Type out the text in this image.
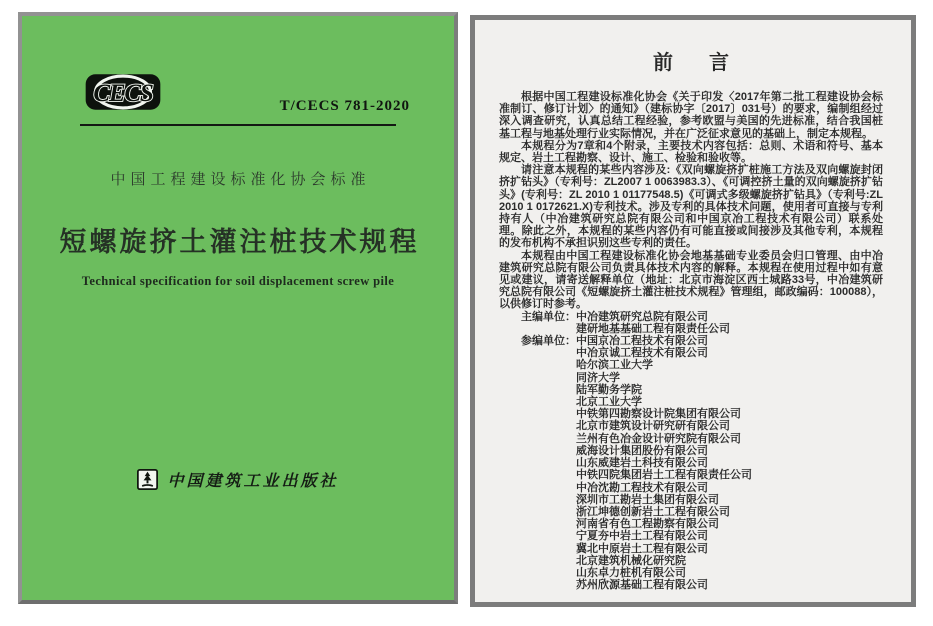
CECS	T/CECS 781-2020
中国工程建设标准化协会标准
短螺旋挤土灌注桩技术规程
Technical specification for soil displacement screw pile
中国建筑工业出版社
前　言

根据中国工程建设标准化协会《关于印发〈2017年第二批工程建设协会标准制订、修订计划〉的通知》（建标协字〔2017〕031号）的要求，编制组经过深入调查研究，认真总结工程经验，参考欧盟与美国的先进标准，结合我国桩基工程与地基处理行业实际情况，并在广泛征求意见的基础上，制定本规程。

本规程分为7章和4个附录，主要技术内容包括：总则、术语和符号、基本规定、岩土工程勘察、设计、施工、检验和验收等。

请注意本规程的某些内容涉及:《双向螺旋挤扩桩施工方法及双向螺旋封闭挤扩钻头》（专利号：ZL2007 1 0063983.3）、《可调控挤土量的双向螺旋挤扩钻头》(专利号：ZL 2010 1 01177548.5)《可调式多级螺旋挤扩钻具》（专利号:ZL 2010 1 0172621.X)专利技术。涉及专利的具体技术问题，使用者可直接与专利持有人（中冶建筑研究总院有限公司和中国京冶工程技术有限公司）联系处理。除此之外，本规程的某些内容仍有可能直接或间接涉及其他专利，本规程的发布机构不承担识别这些专利的责任。

本规程由中国工程建设标准化协会地基基础专业委员会归口管理、由中冶建筑研究总院有限公司负责具体技术内容的解释。本规程在使用过程中如有意见或建议，请寄送解释单位（地址：北京市海淀区西土城路33号，中冶建筑研究总院有限公司《短螺旋挤土灌注桩技术规程》管理组，邮政编码：100088），以供修订时参考。

主编单位： 中冶建筑研究总院有限公司
建研地基基础工程有限责任公司
参编单位： 中国京冶工程技术有限公司
中冶京诚工程技术有限公司
哈尔滨工业大学
同济大学
陆军勤务学院
北京工业大学
中铁第四勘察设计院集团有限公司
北京市建筑设计研究研有限公司
兰州有色冶金设计研究院有限公司
威海设计集团股份有限公司
山东威建岩土科技有限公司
中铁四院集团岩土工程有限责任公司
中冶沈勘工程技术有限公司
深圳市工勘岩土集团有限公司
浙江坤德创新岩土工程有限公司
河南省有色工程勘察有限公司
宁夏夯中岩土工程有限公司
冀北中原岩土工程有限公司
北京建筑机械化研究院
山东卓力桩机有限公司
苏州欣源基础工程有限公司
